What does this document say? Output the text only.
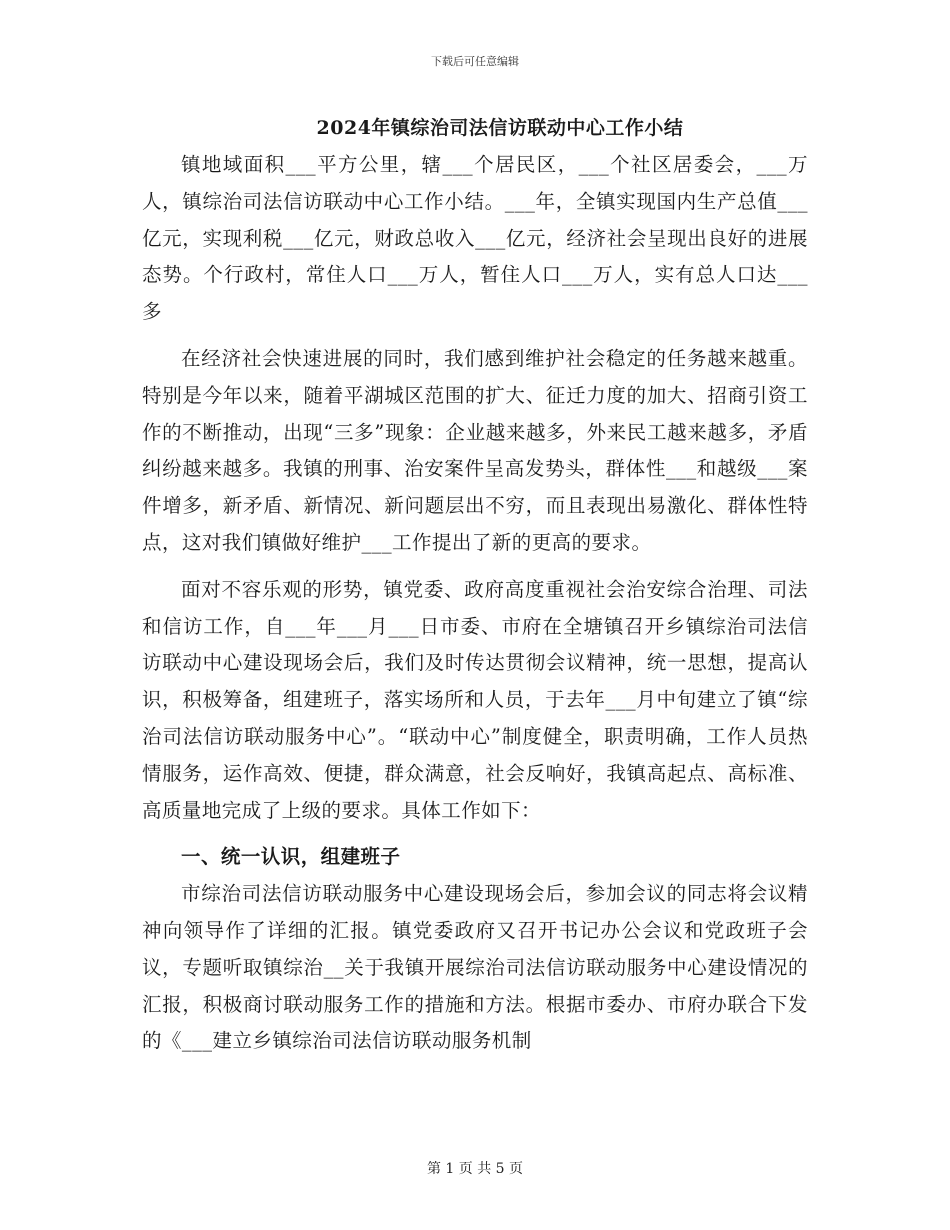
下载后可任意编辑
2024年镇综治司法信访联动中心工作小结

镇地域面积___平方公里，辖___个居民区，___个社区居委会，___万人，镇综治司法信访联动中心工作小结。___年，全镇实现国内生产总值___亿元，实现利税___亿元，财政总收入___亿元，经济社会呈现出良好的进展态势。个行政村，常住人口___万人，暂住人口___万人，实有总人口达___多

在经济社会快速进展的同时，我们感到维护社会稳定的任务越来越重。特别是今年以来，随着平湖城区范围的扩大、征迁力度的加大、招商引资工作的不断推动，出现“三多”现象：企业越来越多，外来民工越来越多，矛盾纠纷越来越多。我镇的刑事、治安案件呈高发势头，群体性___和越级___案件增多，新矛盾、新情况、新问题层出不穷，而且表现出易激化、群体性特点，这对我们镇做好维护___工作提出了新的更高的要求。

面对不容乐观的形势，镇党委、政府高度重视社会治安综合治理、司法和信访工作，自___年___月___日市委、市府在全塘镇召开乡镇综治司法信访联动中心建设现场会后，我们及时传达贯彻会议精神，统一思想，提高认识，积极筹备，组建班子，落实场所和人员，于去年___月中旬建立了镇“综治司法信访联动服务中心”。“联动中心”制度健全，职责明确，工作人员热情服务，运作高效、便捷，群众满意，社会反响好，我镇高起点、高标准、高质量地完成了上级的要求。具体工作如下：

一、统一认识，组建班子

市综治司法信访联动服务中心建设现场会后，参加会议的同志将会议精神向领导作了详细的汇报。镇党委政府又召开书记办公会议和党政班子会议，专题听取镇综治__关于我镇开展综治司法信访联动服务中心建设情况的汇报，积极商讨联动服务工作的措施和方法。根据市委办、市府办联合下发的《___建立乡镇综治司法信访联动服务机制

第 1 页 共 5 页
